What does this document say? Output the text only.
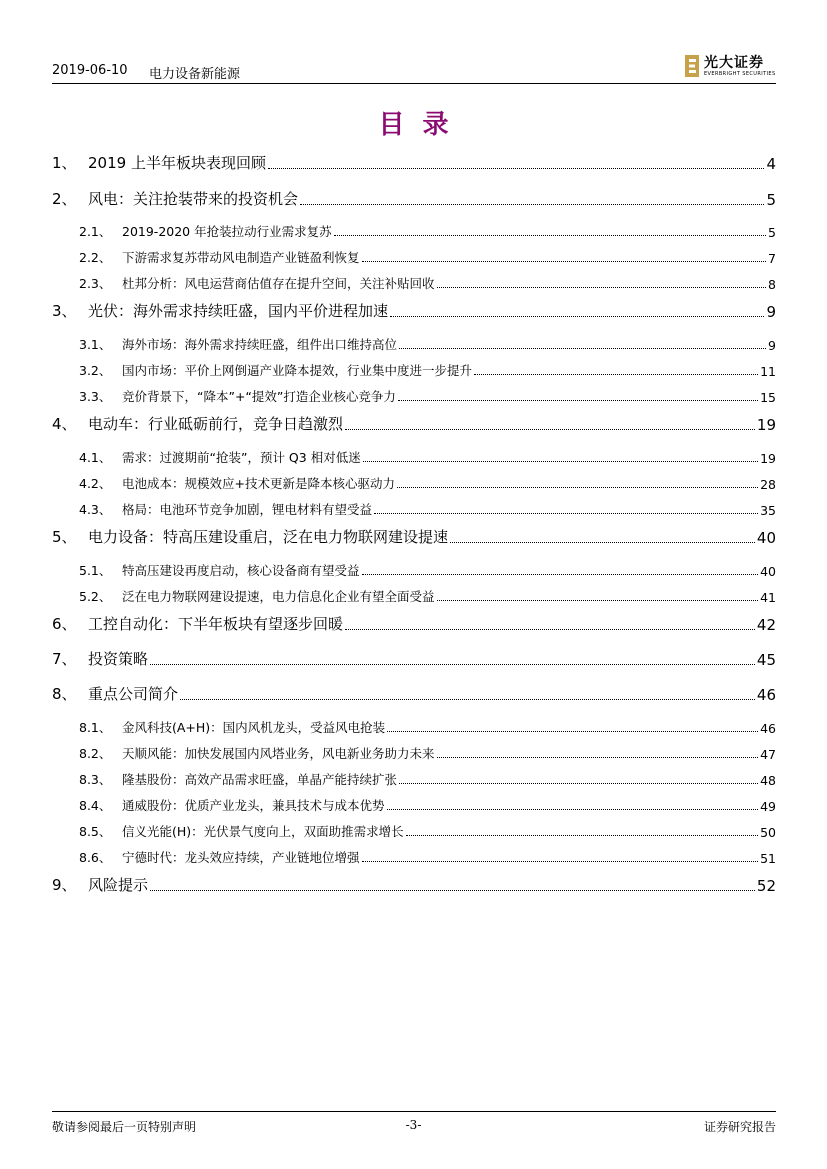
2019-06-10 电力设备新能源
光大证券
EVERBRIGHT SECURITIES
目录
1、 2019 上半年板块表现回顾	4
2、 风电：关注抢装带来的投资机会	5
2.1、 2019-2020 年抢装拉动行业需求复苏	5
2.2、 下游需求复苏带动风电制造产业链盈利恢复	7
2.3、 杜邦分析：风电运营商估值存在提升空间，关注补贴回收	8
3、 光伏：海外需求持续旺盛，国内平价进程加速	9
3.1、 海外市场：海外需求持续旺盛，组件出口维持高位	9
3.2、 国内市场：平价上网倒逼产业降本提效，行业集中度进一步提升	11
3.3、 竞价背景下，“降本”+“提效”打造企业核心竞争力	15
4、 电动车：行业砥砺前行，竞争日趋激烈	19
4.1、 需求：过渡期前“抢装”，预计 Q3 相对低迷	19
4.2、 电池成本：规模效应+技术更新是降本核心驱动力	28
4.3、 格局：电池环节竞争加剧，锂电材料有望受益	35
5、 电力设备：特高压建设重启，泛在电力物联网建设提速	40
5.1、 特高压建设再度启动，核心设备商有望受益	40
5.2、 泛在电力物联网建设提速，电力信息化企业有望全面受益	41
6、 工控自动化：下半年板块有望逐步回暖	42
7、 投资策略	45
8、 重点公司简介	46
8.1、 金风科技(A+H)：国内风机龙头，受益风电抢装	46
8.2、 天顺风能：加快发展国内风塔业务，风电新业务助力未来	47
8.3、 隆基股份：高效产品需求旺盛，单晶产能持续扩张	48
8.4、 通威股份：优质产业龙头，兼具技术与成本优势	49
8.5、 信义光能(H)：光伏景气度向上，双面助推需求增长	50
8.6、 宁德时代：龙头效应持续，产业链地位增强	51
9、 风险提示	52
敬请参阅最后一页特别声明	-3-	证券研究报告
